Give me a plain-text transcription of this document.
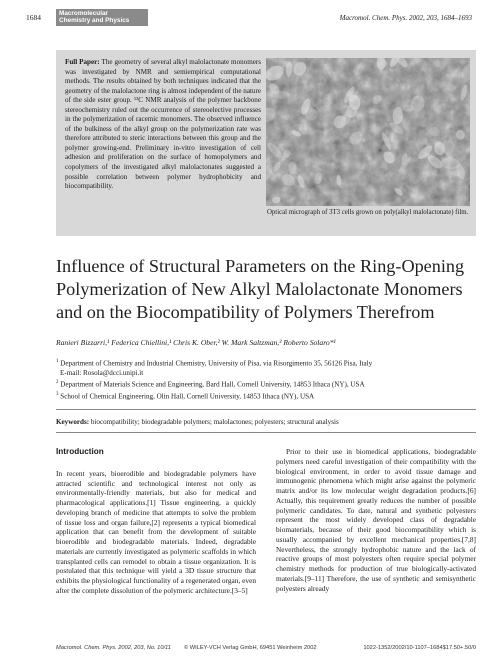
1684	Macromolecular
Chemistry and Physics	Macromol. Chem. Phys. 2002, 203, 1684–1693
Full Paper: The geometry of several alkyl malolactonate monomers was investigated by NMR and semiempirical computational methods. The results obtained by both techniques indicated that the geometry of the malolactone ring is almost independent of the nature of the side ester group. ¹³C NMR analysis of the polymer backbone stereochemistry ruled out the occurrence of stereoelective processes in the polymerization of racemic monomers. The observed influence of the bulkiness of the alkyl group on the polymerization rate was therefore attributed to steric interactions between this group and the polymer growing-end. Preliminary in-vitro investigation of cell adhesion and proliferation on the surface of homopolymers and copolymers of the investigated alkyl malolactonates suggested a possible correlation between polymer hydrophobicity and biocompatibility.
Optical micrograph of 3T3 cells grown on poly(alkyl malolactonate) film.
Influence of Structural Parameters on the Ring-Opening Polymerization of New Alkyl Malolactonate Monomers and on the Biocompatibility of Polymers Therefrom
Ranieri Bizzarri,¹ Federica Chiellini,¹ Chris K. Ober,² W. Mark Saltzman,³ Roberto Solaro*¹
$^1$ Department of Chemistry and Industrial Chemistry, University of Pisa, via Risorgimento 35, 56126 Pisa, Italy
E-mail: Rosola@dcci.unipi.it
$^2$ Department of Materials Science and Engineering, Bard Hall, Cornell University, 14853 Ithaca (NY), USA
$^3$ School of Chemical Engineering, Olin Hall, Cornell University, 14853 Ithaca (NY), USA
Keywords: biocompatibility; biodegradable polymers; malolactones; polyesters; structural analysis
Introduction

In recent years, bioerodible and biodegradable polymers have attracted scientific and technological interest not only as environmentally-friendly materials, but also for medical and pharmacological applications.[1] Tissue engineering, a quickly developing branch of medicine that attempts to solve the problem of tissue loss and organ failure,[2] represents a typical biomedical application that can benefit from the development of suitable bioerodible and biodegradable materials. Indeed, degradable materials are currently investigated as polymeric scaffolds in which transplanted cells can remodel to obtain a tissue organization. It is postulated that this technique will yield a 3D tissue structure that exhibits the physiological functionality of a regenerated organ, even after the complete dissolution of the polymeric architecture.[3–5]

Prior to their use in biomedical applications, biodegradable polymers need careful investigation of their compatibility with the biological environment, in order to avoid tissue damage and immunogenic phenomena which might arise against the polymeric matrix and/or its low molecular weight degradation products.[6] Actually, this requirement greatly reduces the number of possible polymeric candidates. To date, natural and synthetic polyesters represent the most widely developed class of degradable biomaterials, because of their good biocompatibility which is usually accompanied by excellent mechanical properties.[7,8] Nevertheless, the strongly hydrophobic nature and the lack of reactive groups of most polyesters often require special polymer chemistry methods for production of true biologically-activated materials.[9–11] Therefore, the use of synthetic and semisynthetic polyesters already

Macromol. Chem. Phys. 2002, 203, No. 10/11 © WILEY-VCH Verlag GmbH, 69451 Weinheim 2002	1022-1352/2002/10-1107–1684$17.50+.50/0
